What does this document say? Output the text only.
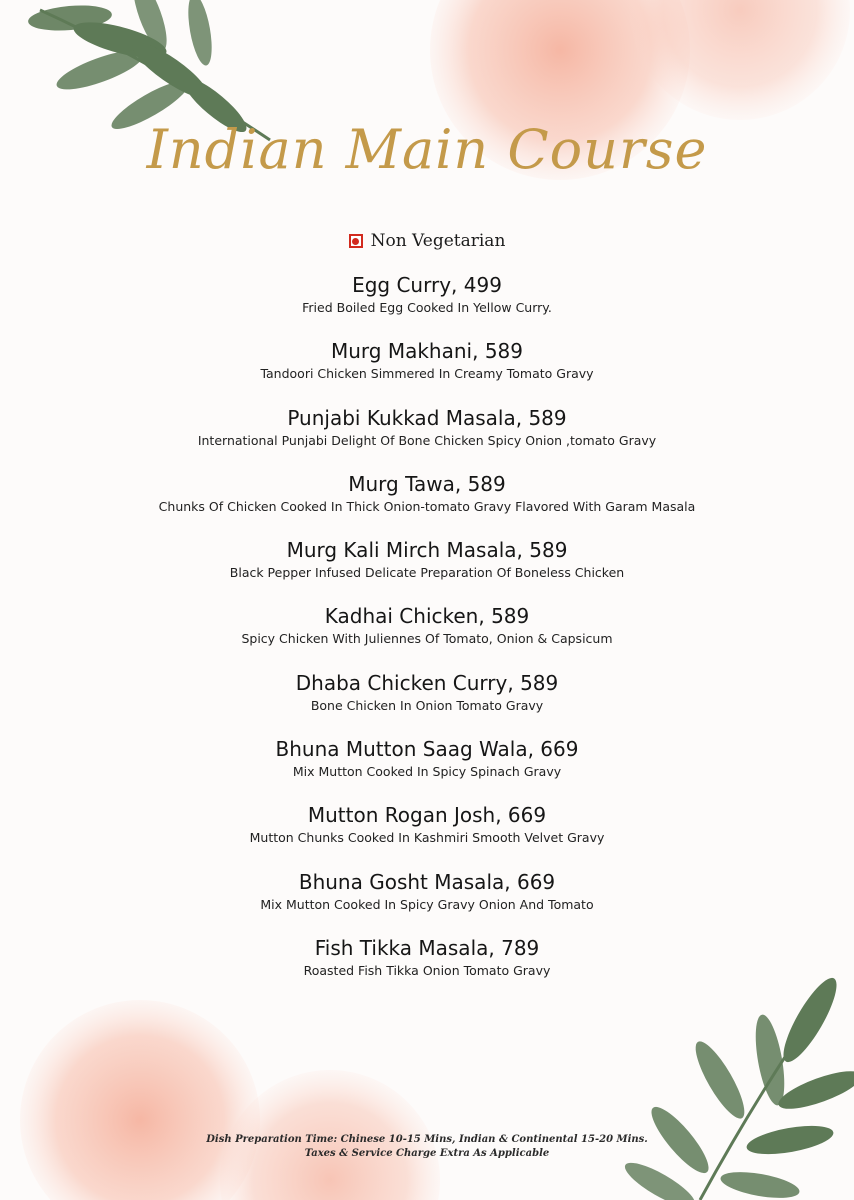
Indian Main Course
Non Vegetarian
Egg Curry, 499
Fried Boiled Egg Cooked In Yellow Curry.
Murg Makhani, 589
Tandoori Chicken Simmered In Creamy Tomato Gravy
Punjabi Kukkad Masala, 589
International Punjabi Delight Of Bone Chicken Spicy Onion ,tomato Gravy
Murg Tawa, 589
Chunks Of Chicken Cooked In Thick Onion-tomato Gravy Flavored With Garam Masala
Murg Kali Mirch Masala, 589
Black Pepper Infused Delicate Preparation Of Boneless Chicken
Kadhai Chicken, 589
Spicy Chicken With Juliennes Of Tomato, Onion & Capsicum
Dhaba Chicken Curry, 589
Bone Chicken In Onion Tomato Gravy
Bhuna Mutton Saag Wala, 669
Mix Mutton Cooked In Spicy Spinach Gravy
Mutton Rogan Josh, 669
Mutton Chunks Cooked In Kashmiri Smooth Velvet Gravy
Bhuna Gosht Masala, 669
Mix Mutton Cooked In Spicy Gravy Onion And Tomato
Fish Tikka Masala, 789
Roasted Fish Tikka Onion Tomato Gravy
Dish Preparation Time: Chinese 10-15 Mins, Indian & Continental 15-20 Mins.
Taxes & Service Charge Extra As Applicable
